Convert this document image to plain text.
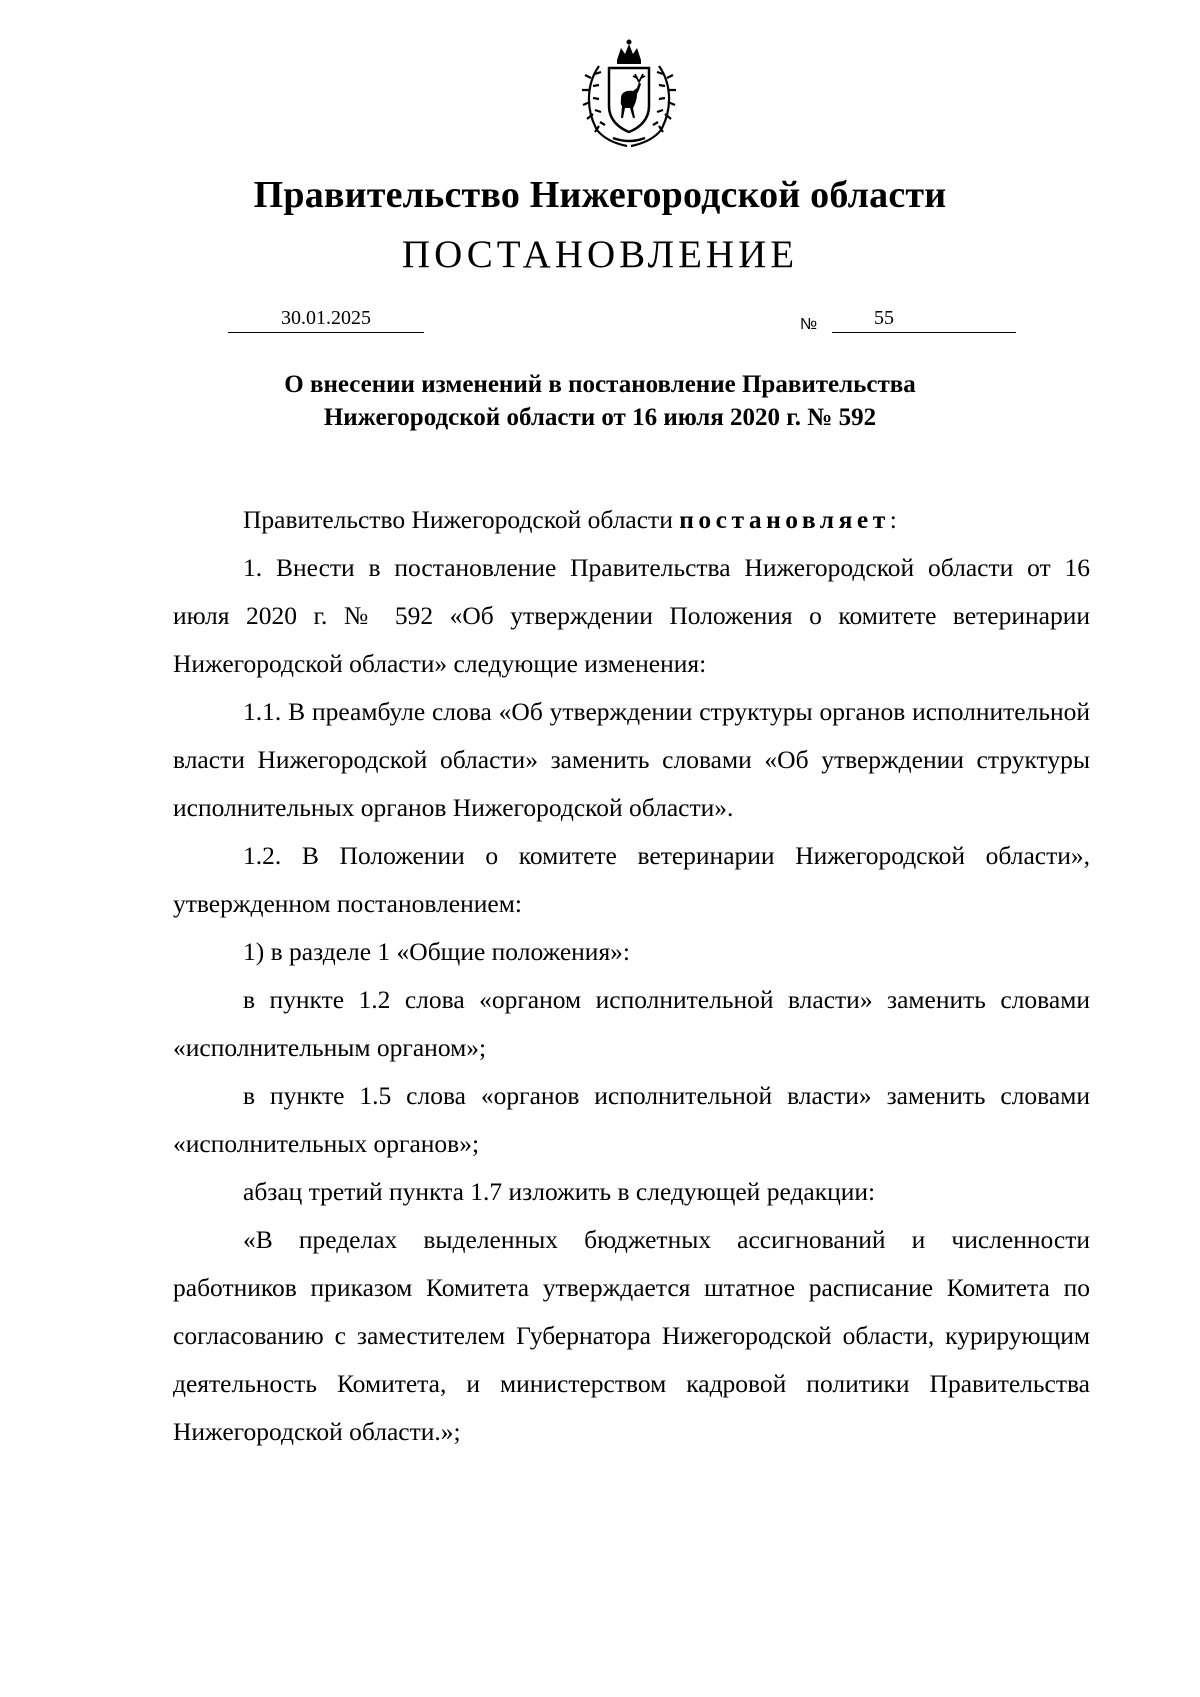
Правительство Нижегородской области
ПОСТАНОВЛЕНИЕ
30.01.2025	№	55
О внесении изменений в постановление Правительства
Нижегородской области от 16 июля 2020 г. № 592

Правительство Нижегородской области постановляет:

1. Внести в постановление Правительства Нижегородской области от 16 июля 2020 г. № 592 «Об утверждении Положения о комитете ветеринарии Нижегородской области» следующие изменения:

1.1. В преамбуле слова «Об утверждении структуры органов исполнительной власти Нижегородской области» заменить словами «Об утверждении структуры исполнительных органов Нижегородской области».

1.2. В Положении о комитете ветеринарии Нижегородской области», утвержденном постановлением:

1) в разделе 1 «Общие положения»:

в пункте 1.2 слова «органом исполнительной власти» заменить словами «исполнительным органом»;

в пункте 1.5 слова «органов исполнительной власти» заменить словами «исполнительных органов»;

абзац третий пункта 1.7 изложить в следующей редакции:

«В пределах выделенных бюджетных ассигнований и численности работников приказом Комитета утверждается штатное расписание Комитета по согласованию с заместителем Губернатора Нижегородской области, курирующим деятельность Комитета, и министерством кадровой политики Правительства Нижегородской области.»;
